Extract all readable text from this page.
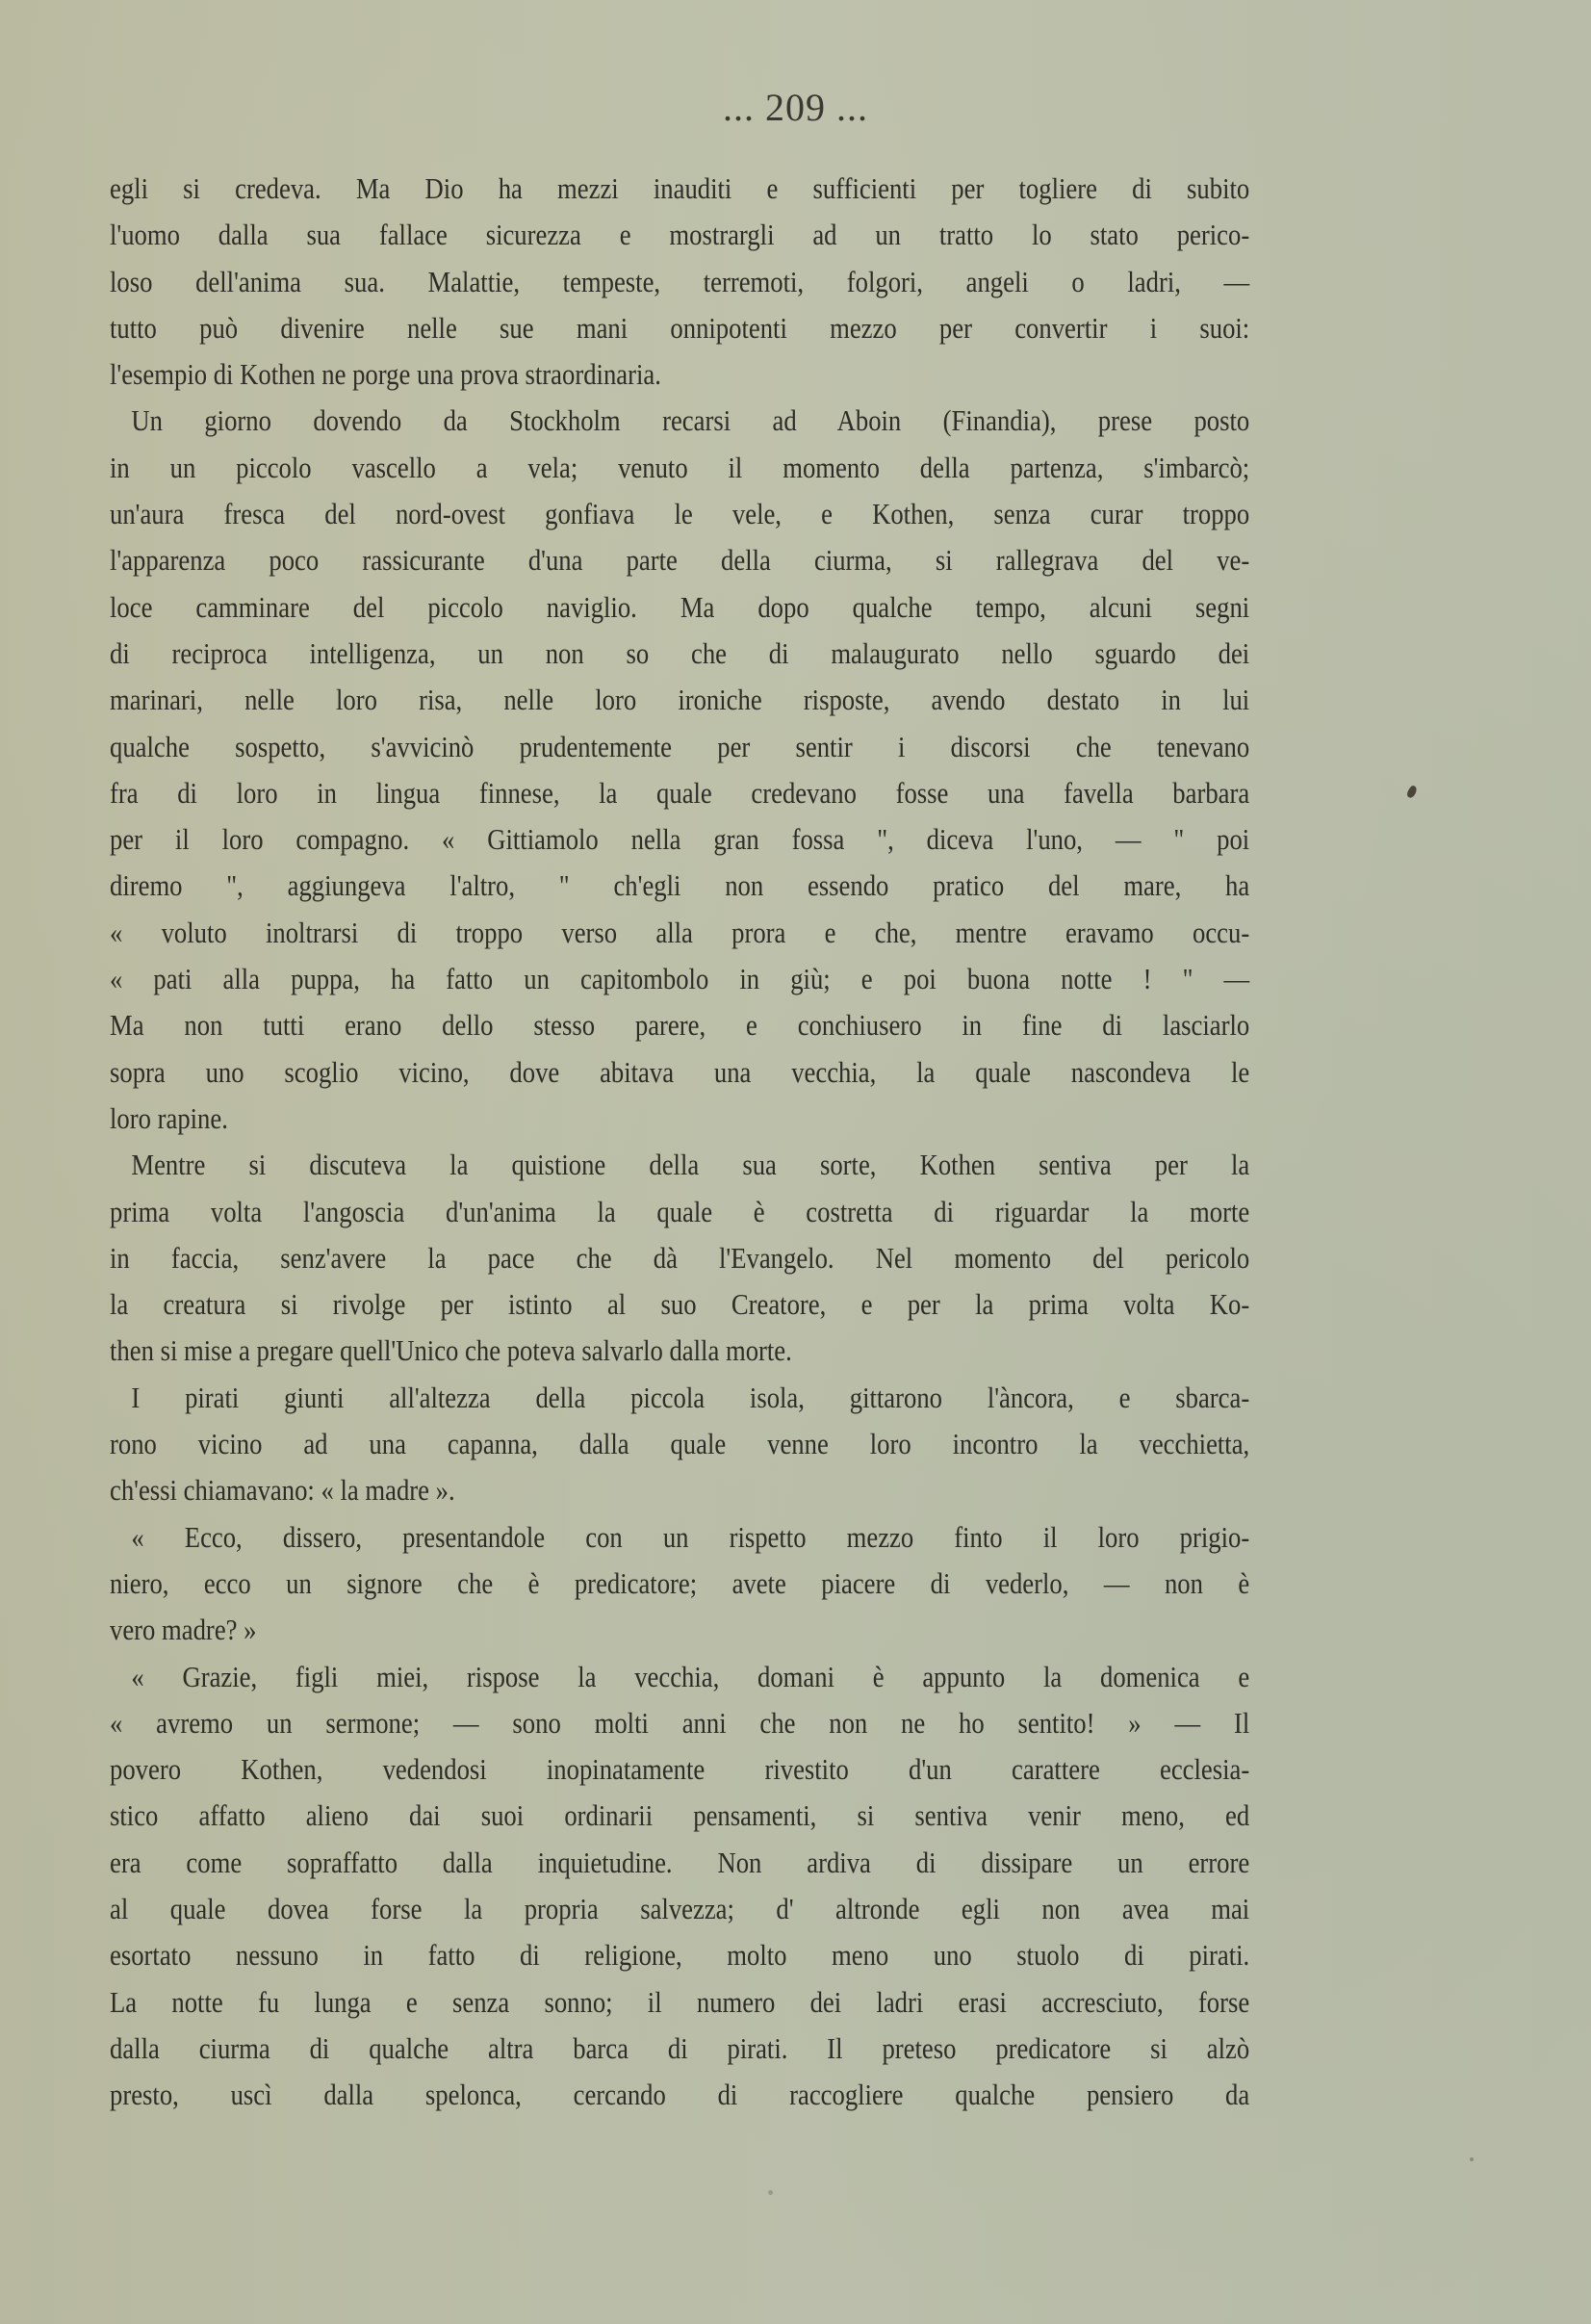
... 209 ...
egli si credeva. Ma Dio ha mezzi inauditi e sufficienti per togliere di subito
l'uomo dalla sua fallace sicurezza e mostrargli ad un tratto lo stato perico-
loso dell'anima sua. Malattie, tempeste, terremoti, folgori, angeli o ladri, —
tutto può divenire nelle sue mani onnipotenti mezzo per convertir i suoi:
l'esempio di Kothen ne porge una prova straordinaria.
Un giorno dovendo da Stockholm recarsi ad Aboin (Finandia), prese posto
in un piccolo vascello a vela; venuto il momento della partenza, s'imbarcò;
un'aura fresca del nord-ovest gonfiava le vele, e Kothen, senza curar troppo
l'apparenza poco rassicurante d'una parte della ciurma, si rallegrava del ve-
loce camminare del piccolo naviglio. Ma dopo qualche tempo, alcuni segni
di reciproca intelligenza, un non so che di malaugurato nello sguardo dei
marinari, nelle loro risa, nelle loro ironiche risposte, avendo destato in lui
qualche sospetto, s'avvicinò prudentemente per sentir i discorsi che tenevano
fra di loro in lingua finnese, la quale credevano fosse una favella barbara
per il loro compagno. « Gittiamolo nella gran fossa ", diceva l'uno, — " poi
diremo ", aggiungeva l'altro, " ch'egli non essendo pratico del mare, ha
« voluto inoltrarsi di troppo verso alla prora e che, mentre eravamo occu-
« pati alla puppa, ha fatto un capitombolo in giù; e poi buona notte ! " —
Ma non tutti erano dello stesso parere, e conchiusero in fine di lasciarlo
sopra uno scoglio vicino, dove abitava una vecchia, la quale nascondeva le
loro rapine.
Mentre si discuteva la quistione della sua sorte, Kothen sentiva per la
prima volta l'angoscia d'un'anima la quale è costretta di riguardar la morte
in faccia, senz'avere la pace che dà l'Evangelo. Nel momento del pericolo
la creatura si rivolge per istinto al suo Creatore, e per la prima volta Ko-
then si mise a pregare quell'Unico che poteva salvarlo dalla morte.
I pirati giunti all'altezza della piccola isola, gittarono l'àncora, e sbarca-
rono vicino ad una capanna, dalla quale venne loro incontro la vecchietta,
ch'essi chiamavano: « la madre ».
« Ecco, dissero, presentandole con un rispetto mezzo finto il loro prigio-
niero, ecco un signore che è predicatore; avete piacere di vederlo, — non è
vero madre? »
« Grazie, figli miei, rispose la vecchia, domani è appunto la domenica e
« avremo un sermone; — sono molti anni che non ne ho sentito! » — Il
povero Kothen, vedendosi inopinatamente rivestito d'un carattere ecclesia-
stico affatto alieno dai suoi ordinarii pensamenti, si sentiva venir meno, ed
era come sopraffatto dalla inquietudine. Non ardiva di dissipare un errore
al quale dovea forse la propria salvezza; d' altronde egli non avea mai
esortato nessuno in fatto di religione, molto meno uno stuolo di pirati.
La notte fu lunga e senza sonno; il numero dei ladri erasi accresciuto, forse
dalla ciurma di qualche altra barca di pirati. Il preteso predicatore si alzò
presto, uscì dalla spelonca, cercando di raccogliere qualche pensiero da
